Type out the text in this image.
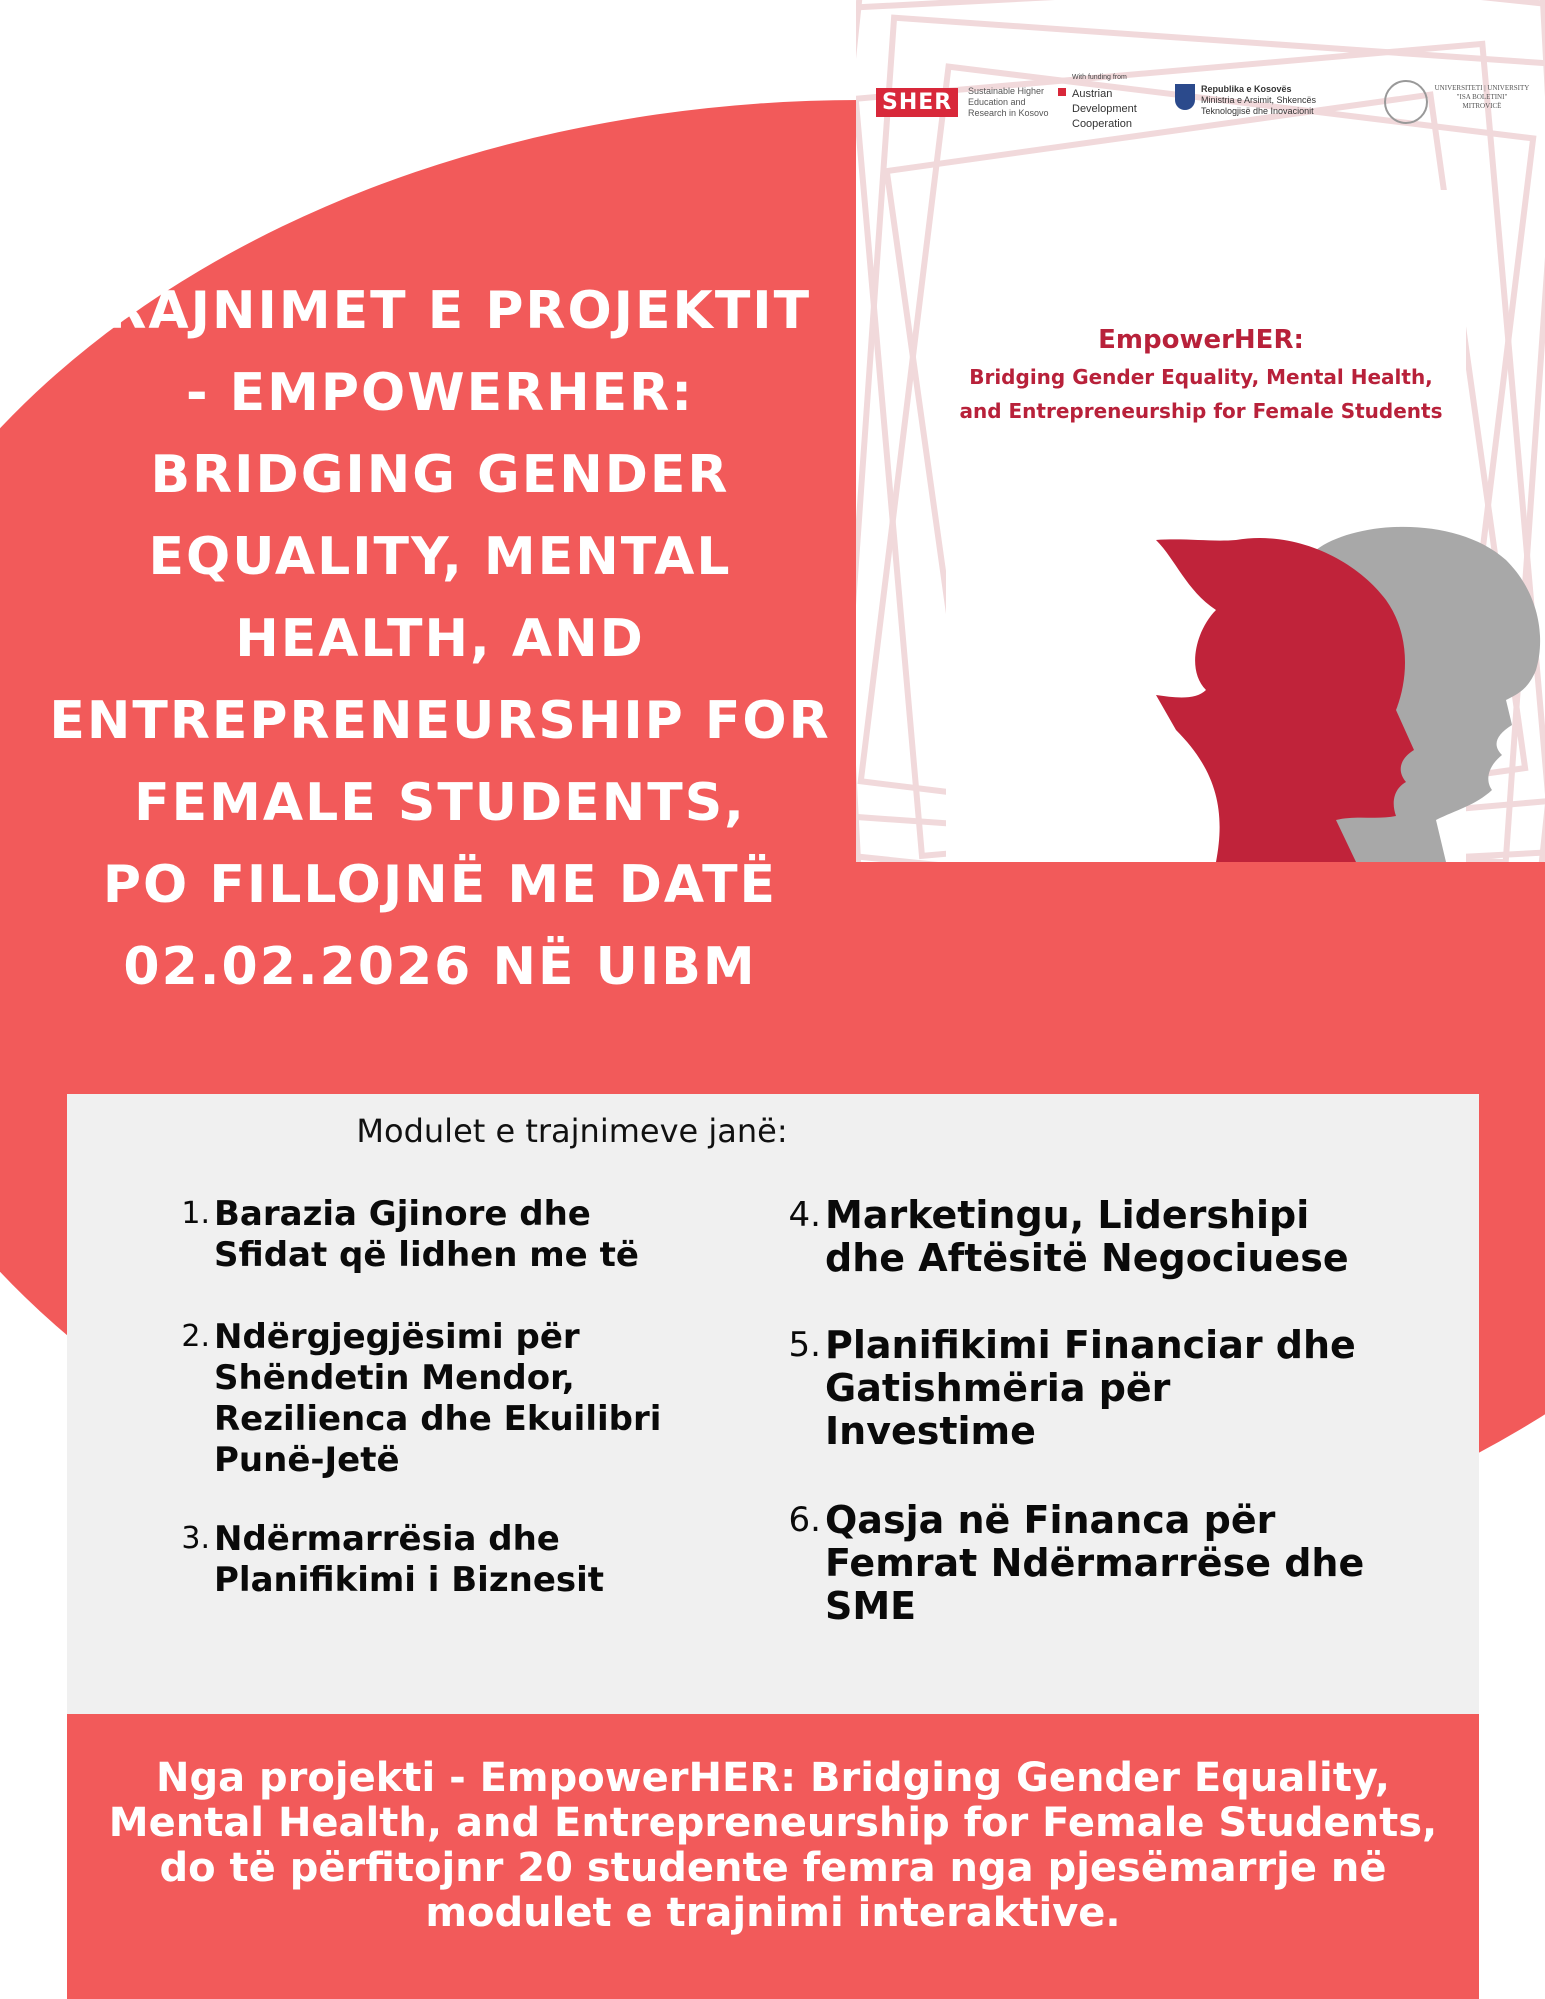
TRAJNIMET E PROJEKTIT
- EMPOWERHER:
BRIDGING GENDER
EQUALITY, MENTAL
HEALTH, AND
ENTREPRENEURSHIP FOR
FEMALE STUDENTS,
PO FILLOJNË ME DATË
02.02.2026 NË UIBM
SHER	Sustainable Higher Education and Research in Kosovo
With funding from
Austrian
Development
Cooperation
Republika e Kosovës
Ministria e Arsimit, Shkencës
Teknologjisë dhe Inovacionit
UNIVERSITETI | UNIVERSITY
"ISA BOLETINI"
MITROVICË
EmpowerHER:
Bridging Gender Equality, Mental Health,
and Entrepreneurship for Female Students
Modulet e trajnimeve janë:
1. Barazia Gjinore dhe
Sfidat që lidhen me të
2. Ndërgjegjësimi për
Shëndetin Mendor,
Rezilienca dhe Ekuilibri
Punë-Jetë
3. Ndërmarrësia dhe
Planifikimi i Biznesit
4. Marketingu, Lidershipi
dhe Aftësitë Negociuese
5. Planifikimi Financiar dhe
Gatishmëria për
Investime
6. Qasja në Financa për
Femrat Ndërmarrëse dhe
SME
Nga projekti - EmpowerHER: Bridging Gender Equality,
Mental Health, and Entrepreneurship for Female Students,
do të përfitojnr 20 studente femra nga pjesëmarrje në
modulet e trajnimi interaktive.
